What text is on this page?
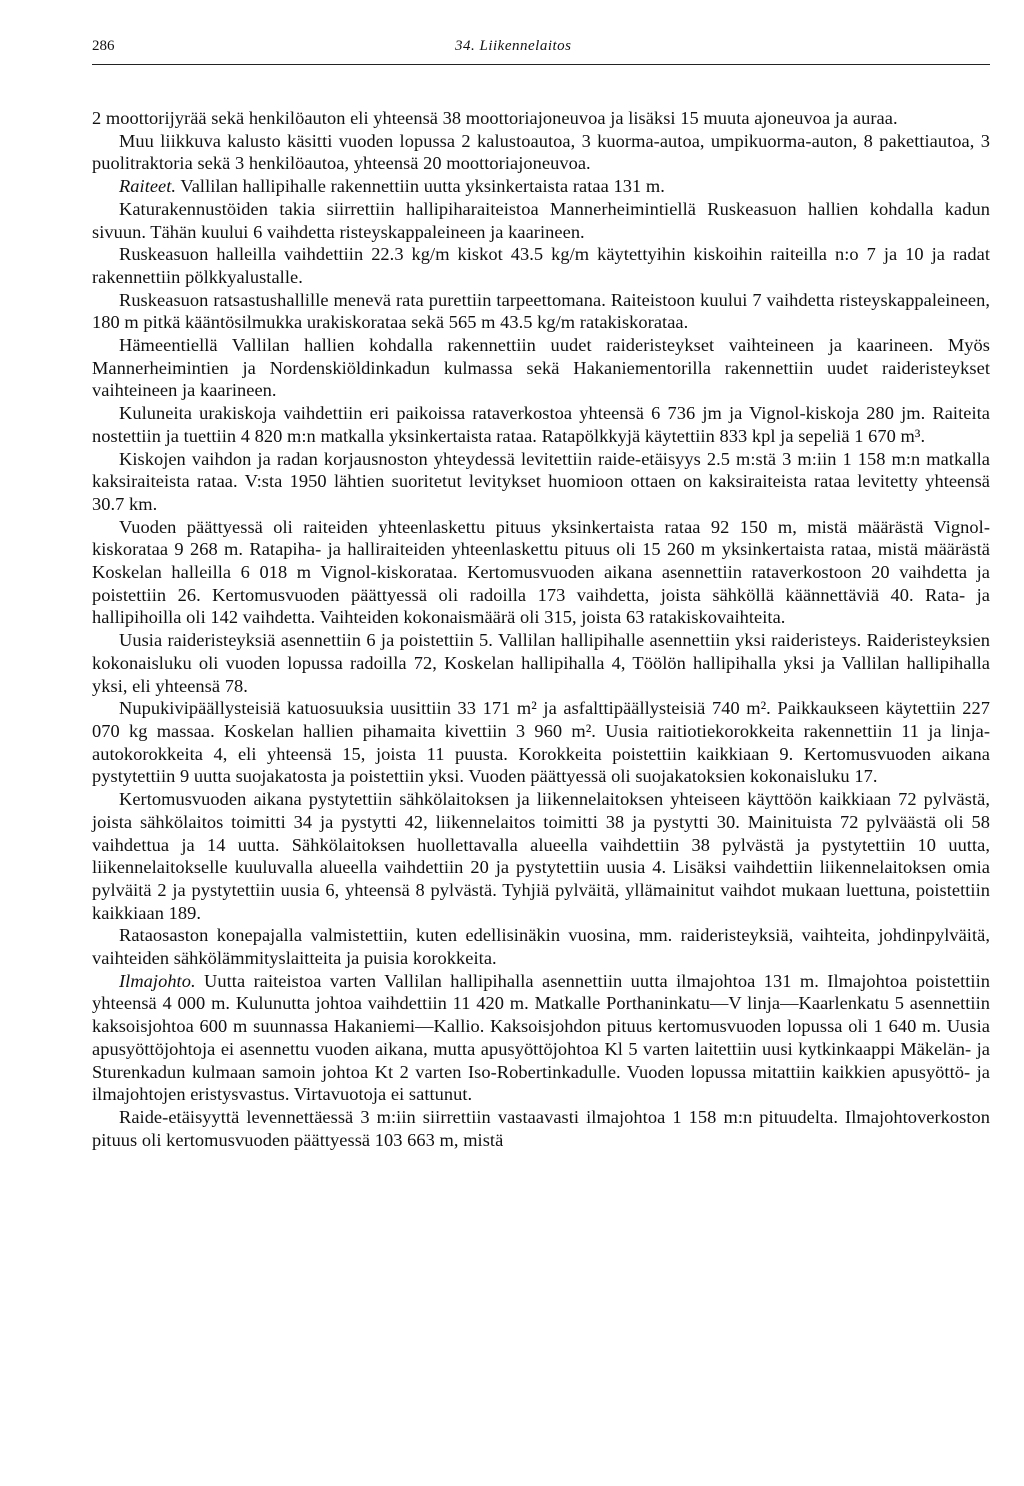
286	34. Liikennelaitos

2 moottorijyrää sekä henkilöauton eli yhteensä 38 moottoriajoneuvoa ja lisäksi 15 muuta ajoneuvoa ja auraa.

Muu liikkuva kalusto käsitti vuoden lopussa 2 kalustoautoa, 3 kuorma-autoa, umpikuorma-auton, 8 pakettiautoa, 3 puolitraktoria sekä 3 henkilöautoa, yhteensä 20 moottoriajoneuvoa.

Raiteet. Vallilan hallipihalle rakennettiin uutta yksinkertaista rataa 131 m.

Katurakennustöiden takia siirrettiin hallipiharaiteistoa Mannerheimintiellä Ruskeasuon hallien kohdalla kadun sivuun. Tähän kuului 6 vaihdetta risteyskappaleineen ja kaarineen.

Ruskeasuon halleilla vaihdettiin 22.3 kg/m kiskot 43.5 kg/m käytettyihin kiskoihin raiteilla n:o 7 ja 10 ja radat rakennettiin pölkkyalustalle.

Ruskeasuon ratsastushallille menevä rata purettiin tarpeettomana. Raiteistoon kuului 7 vaihdetta risteyskappaleineen, 180 m pitkä kääntösilmukka urakiskorataa sekä 565 m 43.5 kg/m ratakiskorataa.

Hämeentiellä Vallilan hallien kohdalla rakennettiin uudet raideristeykset vaihteineen ja kaarineen. Myös Mannerheimintien ja Nordenskiöldinkadun kulmassa sekä Hakaniementorilla rakennettiin uudet raideristeykset vaihteineen ja kaarineen.

Kuluneita urakiskoja vaihdettiin eri paikoissa rataverkostoa yhteensä 6 736 jm ja Vignol-kiskoja 280 jm. Raiteita nostettiin ja tuettiin 4 820 m:n matkalla yksinkertaista rataa. Ratapölkkyjä käytettiin 833 kpl ja sepeliä 1 670 m³.

Kiskojen vaihdon ja radan korjausnoston yhteydessä levitettiin raide-etäisyys 2.5 m:stä 3 m:iin 1 158 m:n matkalla kaksiraiteista rataa. V:sta 1950 lähtien suoritetut levitykset huomioon ottaen on kaksiraiteista rataa levitetty yhteensä 30.7 km.

Vuoden päättyessä oli raiteiden yhteenlaskettu pituus yksinkertaista rataa 92 150 m, mistä määrästä Vignol-kiskorataa 9 268 m. Ratapiha- ja halliraiteiden yhteenlaskettu pituus oli 15 260 m yksinkertaista rataa, mistä määrästä Koskelan halleilla 6 018 m Vignol-kiskorataa. Kertomusvuoden aikana asennettiin rataverkostoon 20 vaihdetta ja poistettiin 26. Kertomusvuoden päättyessä oli radoilla 173 vaihdetta, joista sähköllä käännettäviä 40. Rata- ja hallipihoilla oli 142 vaihdetta. Vaihteiden kokonaismäärä oli 315, joista 63 ratakiskovaihteita.

Uusia raideristeyksiä asennettiin 6 ja poistettiin 5. Vallilan hallipihalle asennettiin yksi raideristeys. Raideristeyksien kokonaisluku oli vuoden lopussa radoilla 72, Koskelan hallipihalla 4, Töölön hallipihalla yksi ja Vallilan hallipihalla yksi, eli yhteensä 78.

Nupukivipäällysteisiä katuosuuksia uusittiin 33 171 m² ja asfalttipäällysteisiä 740 m². Paikkaukseen käytettiin 227 070 kg massaa. Koskelan hallien pihamaita kivettiin 3 960 m². Uusia raitiotiekorokkeita rakennettiin 11 ja linja-autokorokkeita 4, eli yhteensä 15, joista 11 puusta. Korokkeita poistettiin kaikkiaan 9. Kertomusvuoden aikana pystytettiin 9 uutta suojakatosta ja poistettiin yksi. Vuoden päättyessä oli suojakatoksien kokonaisluku 17.

Kertomusvuoden aikana pystytettiin sähkölaitoksen ja liikennelaitoksen yhteiseen käyttöön kaikkiaan 72 pylvästä, joista sähkölaitos toimitti 34 ja pystytti 42, liikennelaitos toimitti 38 ja pystytti 30. Mainituista 72 pylväästä oli 58 vaihdettua ja 14 uutta. Sähkölaitoksen huollettavalla alueella vaihdettiin 38 pylvästä ja pystytettiin 10 uutta, liikennelaitokselle kuuluvalla alueella vaihdettiin 20 ja pystytettiin uusia 4. Lisäksi vaihdettiin liikennelaitoksen omia pylväitä 2 ja pystytettiin uusia 6, yhteensä 8 pylvästä. Tyhjiä pylväitä, yllämainitut vaihdot mukaan luettuna, poistettiin kaikkiaan 189.

Rataosaston konepajalla valmistettiin, kuten edellisinäkin vuosina, mm. raideristeyksiä, vaihteita, johdinpylväitä, vaihteiden sähkölämmityslaitteita ja puisia korokkeita.

Ilmajohto. Uutta raiteistoa varten Vallilan hallipihalla asennettiin uutta ilmajohtoa 131 m. Ilmajohtoa poistettiin yhteensä 4 000 m. Kulunutta johtoa vaihdettiin 11 420 m. Matkalle Porthaninkatu—V linja—Kaarlenkatu 5 asennettiin kaksoisjohtoa 600 m suunnassa Hakaniemi—Kallio. Kaksoisjohdon pituus kertomusvuoden lopussa oli 1 640 m. Uusia apusyöttöjohtoja ei asennettu vuoden aikana, mutta apusyöttöjohtoa Kl 5 varten laitettiin uusi kytkinkaappi Mäkelän- ja Sturenkadun kulmaan samoin johtoa Kt 2 varten Iso-Robertinkadulle. Vuoden lopussa mitattiin kaikkien apusyöttö- ja ilmajohtojen eristysvastus. Virtavuotoja ei sattunut.

Raide-etäisyyttä levennettäessä 3 m:iin siirrettiin vastaavasti ilmajohtoa 1 158 m:n pituudelta. Ilmajohtoverkoston pituus oli kertomusvuoden päättyessä 103 663 m, mistä
